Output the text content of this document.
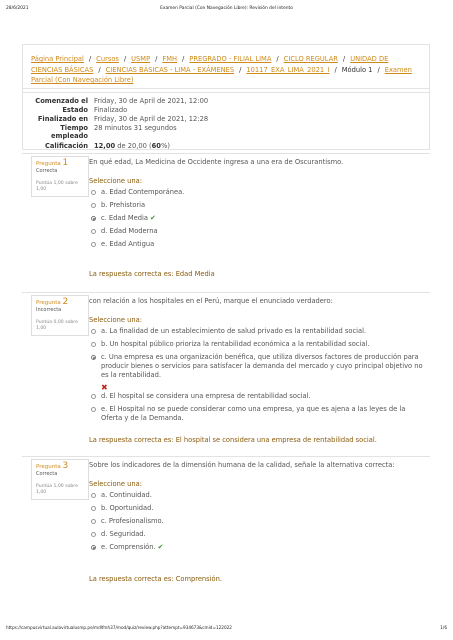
28/6/2021	Examen Parcial (Con Navegación Libre): Revisión del intento
Página Principal / Cursos / USMP / FMH / PREGRADO - FILIAL LIMA / CICLO REGULAR / UNIDAD DE CIENCIAS BÁSICAS / CIENCIAS BÁSICAS - LIMA - EXÁMENES / 10117_EXA_LIMA_2021_I / Módulo 1 / Examen Parcial (Con Navegación Libre)
Comenzado el Friday, 30 de April de 2021, 12:00
Estado Finalizado
Finalizado en Friday, 30 de April de 2021, 12:28
Tiempo empleado
28 minutos 31 segundos
Calificación 12,00 de 20,00 (60%)
Pregunta 1
Correcta
Puntúa 1,00 sobre 1,00
En qué edad, La Medicina de Occidente ingresa a una era de Oscurantismo.
Seleccione una:
a. Edad Contemporánea.
b. Prehistoria
c. Edad Media ✔
d. Edad Moderna
e. Edad Antigua
La respuesta correcta es: Edad Media
Pregunta 2
Incorrecta
Puntúa 0,00 sobre 1,00
con relación a los hospitales en el Perú, marque el enunciado verdadero:
Seleccione una:
a. La finalidad de un establecimiento de salud privado es la rentabilidad social.
b. Un hospital público prioriza la rentabilidad económica a la rentabilidad social.
c. Una empresa es una organización benéfica, que utiliza diversos factores de producción para producir bienes o servicios para satisfacer la demanda del mercado y cuyo principal objetivo no es la rentabilidad.
✖
d. El hospital se considera una empresa de rentabilidad social.
e. El Hospital no se puede considerar como una empresa, ya que es ajena a las leyes de la Oferta y de la Demanda.
La respuesta correcta es: El hospital se considera una empresa de rentabilidad social.
Pregunta 3
Correcta
Puntúa 1,00 sobre 1,00
Sobre los indicadores de la dimensión humana de la calidad, señale la alternativa correcta:
Seleccione una:
a. Continuidad.
b. Oportunidad.
c. Profesionalismo.
d. Seguridad.
e. Comprensión. ✔
La respuesta correcta es: Comprensión.
https://campusvirtual.aulavirtualusmp.pe/mdlfmh37/mod/quiz/review.php?attempt=934673&cmid=122022	1/6
